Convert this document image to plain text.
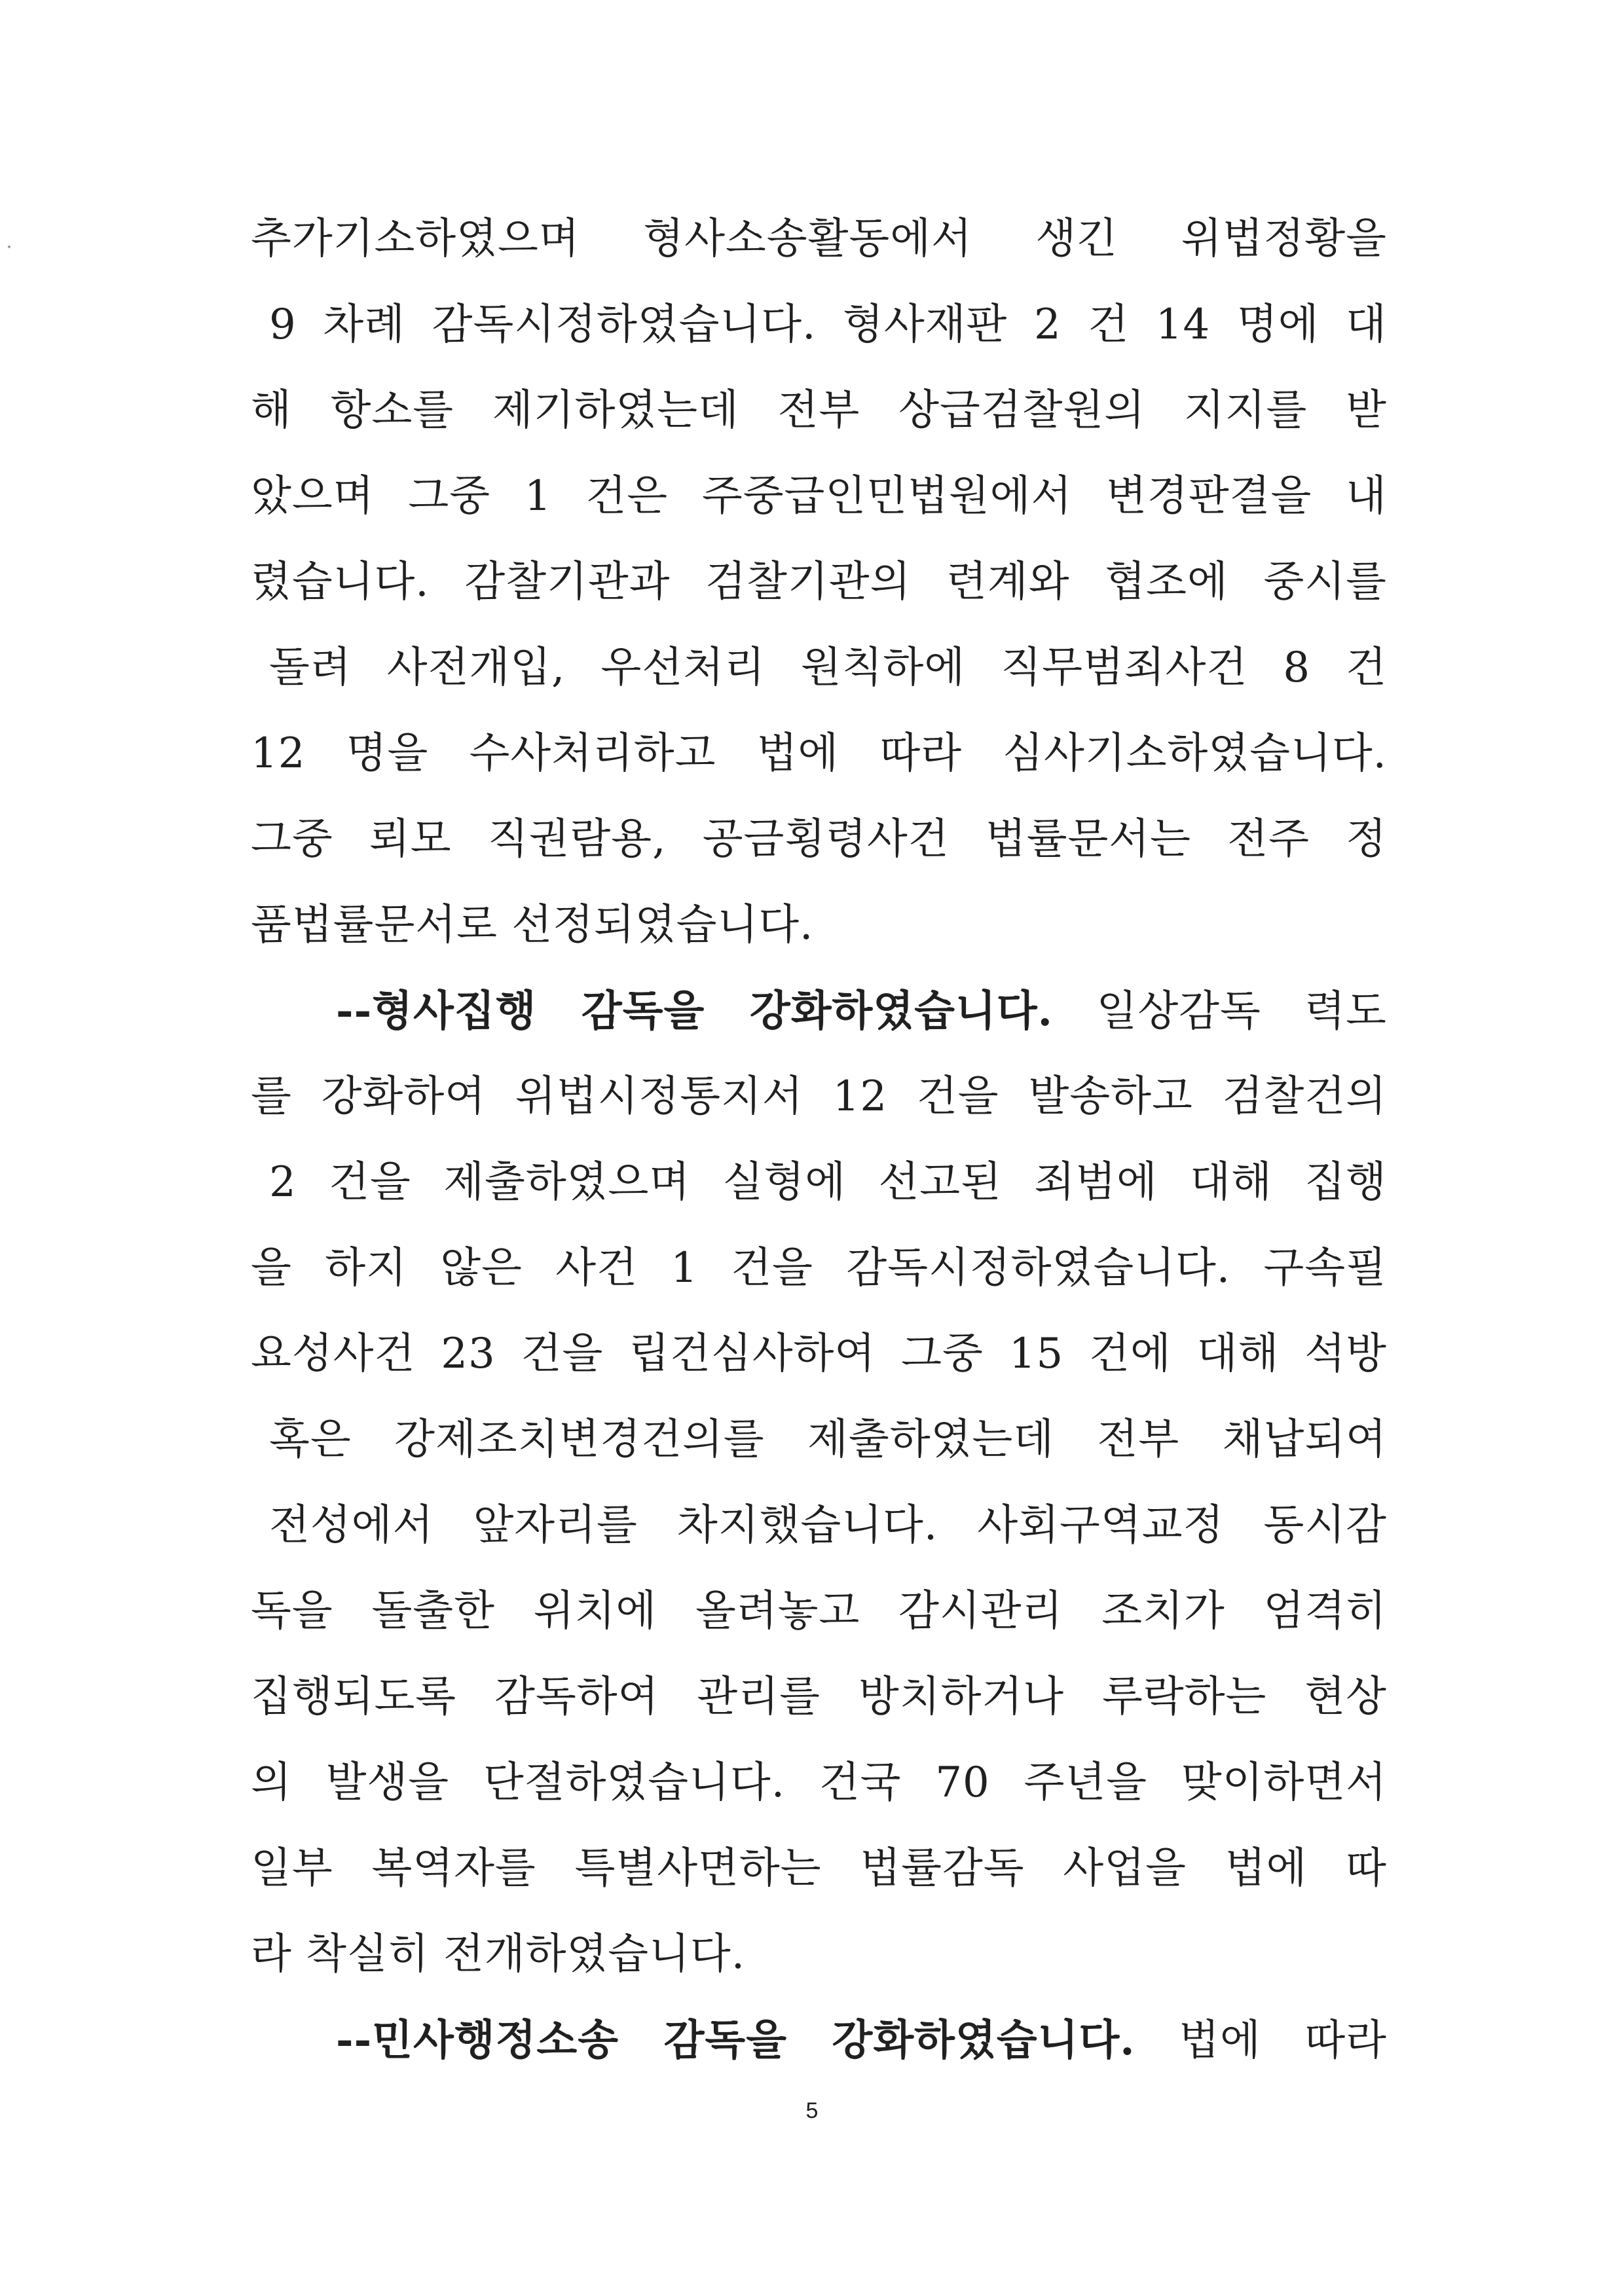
추가기소하였으며 형사소송활동에서 생긴 위법정황을
9 차례 감독시정하였습니다. 형사재판 2 건 14 명에 대
해 항소를 제기하였는데 전부 상급검찰원의 지지를 받
았으며 그중 1 건은 주중급인민법원에서 변경판결을 내
렸습니다. 감찰기관과 검찰기관의 련계와 협조에 중시를
돌려 사전개입, 우선처리 원칙하에 직무범죄사건 8 건
12 명을 수사처리하고 법에 따라 심사기소하였습니다.
그중 뢰모 직권람용, 공금횡령사건 법률문서는 전주 정
품법률문서로 선정되였습니다.
--형사집행 감독을 강화하였습니다. 일상감독 력도
를 강화하여 위법시정통지서 12 건을 발송하고 검찰건의
2 건을 제출하였으며 실형에 선고된 죄범에 대해 집행
을 하지 않은 사건 1 건을 감독시정하였습니다. 구속필
요성사건 23 건을 립건심사하여 그중 15 건에 대해 석방
혹은 강제조치변경건의를 제출하였는데 전부 채납되여
전성에서 앞자리를 차지했습니다. 사회구역교정 동시감
독을 돌출한 위치에 올려놓고 감시관리 조치가 엄격히
집행되도록 감독하여 관리를 방치하거나 루락하는 현상
의 발생을 단절하였습니다. 건국 70 주년을 맞이하면서
일부 복역자를 특별사면하는 법률감독 사업을 법에 따
라 착실히 전개하였습니다.
--민사행정소송 감독을 강화하였습니다. 법에 따라
5
